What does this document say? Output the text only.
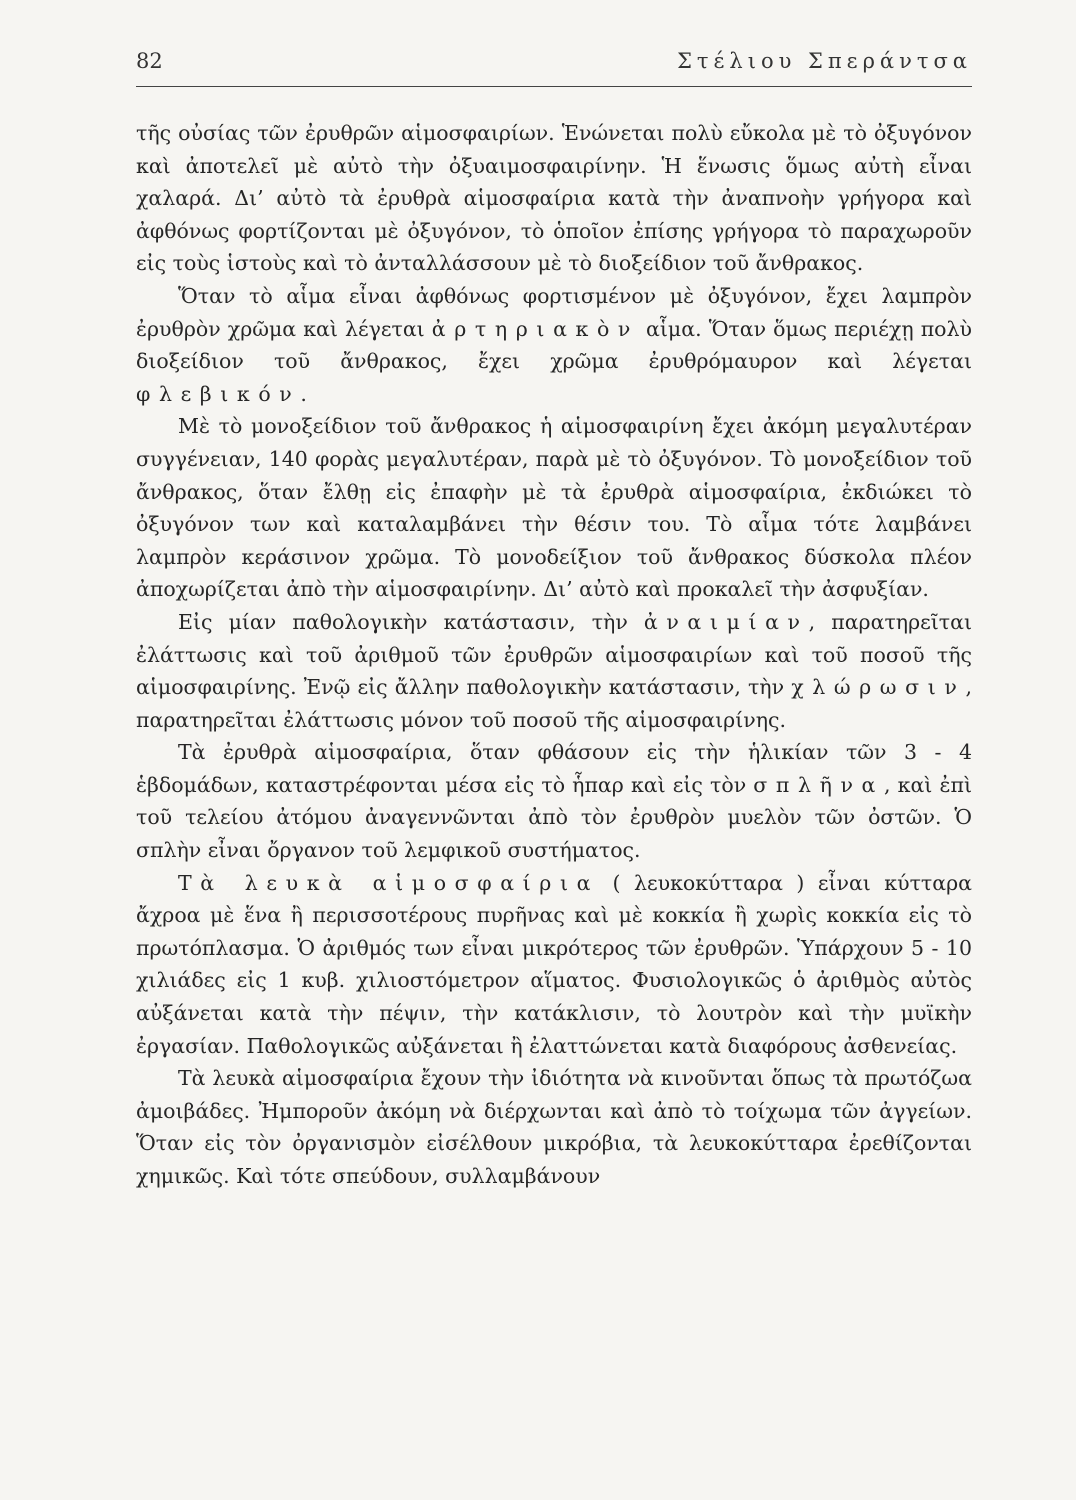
82	Στέλιου Σπεράντσα

τῆς οὐσίας τῶν ἐρυθρῶν αἱμοσφαιρίων. Ἑνώνεται πολὺ εὔκολα μὲ τὸ ὀξυγόνον καὶ ἀποτελεῖ μὲ αὐτὸ τὴν ὀξυαιμοσφαιρίνην. Ἡ ἕνωσις ὅμως αὐτὴ εἶναι χαλαρά. Δι’ αὐτὸ τὰ ἐρυθρὰ αἱμοσφαίρια κατὰ τὴν ἀναπνοὴν γρήγορα καὶ ἀφθόνως φορτίζονται μὲ ὀξυγόνον, τὸ ὁποῖον ἐπίσης γρήγορα τὸ παραχωροῦν εἰς τοὺς ἱστοὺς καὶ τὸ ἀνταλλάσσουν μὲ τὸ διοξείδιον τοῦ ἄνθρακος.

Ὅταν τὸ αἷμα εἶναι ἀφθόνως φορτισμένον μὲ ὀξυγόνον, ἔχει λαμπρὸν ἐρυθρὸν χρῶμα καὶ λέγεται ἀρτηριακὸν αἷμα. Ὅταν ὅμως περιέχῃ πολὺ διοξείδιον τοῦ ἄνθρακος, ἔχει χρῶμα ἐρυθρόμαυρον καὶ λέγεται φλεβικόν.

Μὲ τὸ μονοξείδιον τοῦ ἄνθρακος ἡ αἱμοσφαιρίνη ἔχει ἀκόμη μεγαλυτέραν συγγένειαν, 140 φορὰς μεγαλυτέραν, παρὰ μὲ τὸ ὀξυγόνον. Τὸ μονοξείδιον τοῦ ἄνθρακος, ὅταν ἔλθῃ εἰς ἐπαφὴν μὲ τὰ ἐρυθρὰ αἱμοσφαίρια, ἐκδιώκει τὸ ὀξυγόνον των καὶ καταλαμβάνει τὴν θέσιν του. Τὸ αἷμα τότε λαμβάνει λαμπρὸν κεράσινον χρῶμα. Τὸ μονοδείξιον τοῦ ἄνθρακος δύσκολα πλέον ἀποχωρίζεται ἀπὸ τὴν αἱμοσφαιρίνην. Δι’ αὐτὸ καὶ προκαλεῖ τὴν ἀσφυξίαν.

Εἰς μίαν παθολογικὴν κατάστασιν, τὴν ἀναιμίαν, παρατηρεῖται ἐλάττωσις καὶ τοῦ ἀριθμοῦ τῶν ἐρυθρῶν αἱμοσφαιρίων καὶ τοῦ ποσοῦ τῆς αἱμοσφαιρίνης. Ἐνῷ εἰς ἄλλην παθολογικὴν κατάστασιν, τὴν χλώρωσιν, παρατηρεῖται ἐλάττωσις μόνον τοῦ ποσοῦ τῆς αἱμοσφαιρίνης.

Τὰ ἐρυθρὰ αἱμοσφαίρια, ὅταν φθάσουν εἰς τὴν ἡλικίαν τῶν 3 - 4 ἑβδομάδων, καταστρέφονται μέσα εἰς τὸ ἧπαρ καὶ εἰς τὸν σπλῆνα, καὶ ἐπὶ τοῦ τελείου ἀτόμου ἀναγεννῶνται ἀπὸ τὸν ἐρυθρὸν μυελὸν τῶν ὀστῶν. Ὁ σπλὴν εἶναι ὄργανον τοῦ λεμφικοῦ συστήματος.

Τὰ λευκὰ αἱμοσφαίρια ( λευκοκύτταρα ) εἶναι κύτταρα ἄχροα μὲ ἕνα ἢ περισσοτέρους πυρῆνας καὶ μὲ κοκκία ἢ χωρὶς κοκκία εἰς τὸ πρωτόπλασμα. Ὁ ἀριθμός των εἶναι μικρότερος τῶν ἐρυθρῶν. Ὑπάρχουν 5 - 10 χιλιάδες εἰς 1 κυβ. χιλιοστόμετρον αἵματος. Φυσιολογικῶς ὁ ἀριθμὸς αὐτὸς αὐξάνεται κατὰ τὴν πέψιν, τὴν κατάκλισιν, τὸ λουτρὸν καὶ τὴν μυϊκὴν ἐργασίαν. Παθολογικῶς αὐξάνεται ἢ ἐλαττώνεται κατὰ διαφόρους ἀσθενείας.

Τὰ λευκὰ αἱμοσφαίρια ἔχουν τὴν ἰδιότητα νὰ κινοῦνται ὅπως τὰ πρωτόζωα ἀμοιβάδες. Ἠμποροῦν ἀκόμη νὰ διέρχωνται καὶ ἀπὸ τὸ τοίχωμα τῶν ἀγγείων. Ὅταν εἰς τὸν ὀργανισμὸν εἰσέλθουν μικρόβια, τὰ λευκοκύτταρα ἐρεθίζονται χημικῶς. Καὶ τότε σπεύδουν, συλλαμβάνουν
